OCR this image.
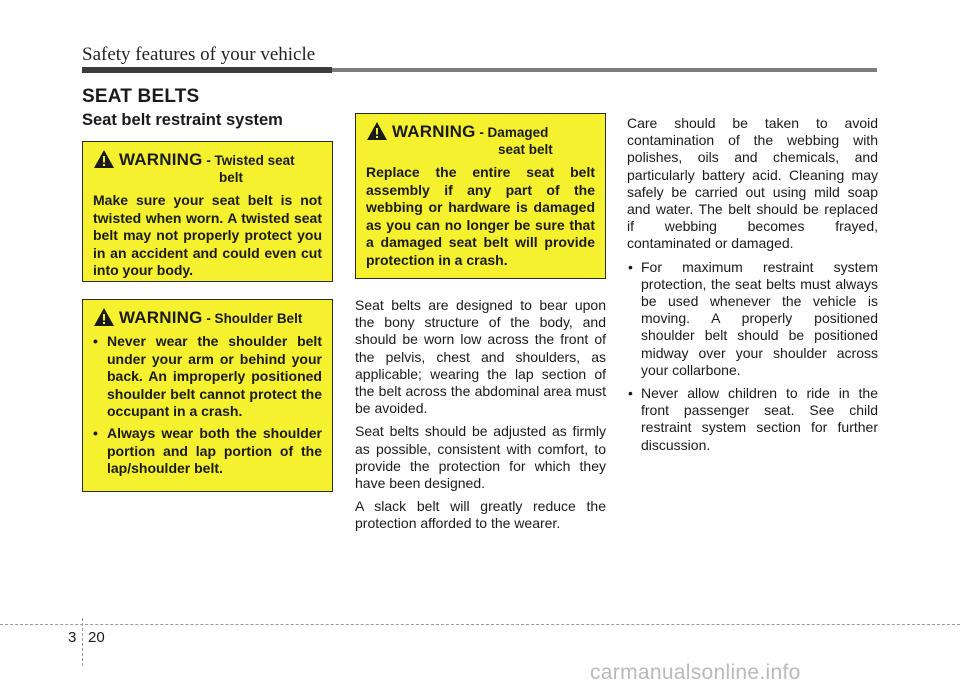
Safety features of your vehicle
SEAT BELTS
Seat belt restraint system
WARNING - Twisted seat
belt
Make sure your seat belt is not twisted when worn. A twisted seat belt may not properly protect you in an accident and could even cut into your body.
WARNING - Shoulder Belt
• Never wear the shoulder belt under your arm or behind your back. An improperly positioned shoulder belt cannot protect the occupant in a crash.
• Always wear both the shoulder portion and lap portion of the lap/shoulder belt.
WARNING - Damaged
seat belt
Replace the entire seat belt assembly if any part of the webbing or hardware is damaged as you can no longer be sure that a damaged seat belt will provide protection in a crash.

Seat belts are designed to bear upon the bony structure of the body, and should be worn low across the front of the pelvis, chest and shoulders, as applicable; wearing the lap section of the belt across the abdominal area must be avoided.

Seat belts should be adjusted as firmly as possible, consistent with comfort, to provide the protection for which they have been designed.

A slack belt will greatly reduce the protection afforded to the wearer.

Care should be taken to avoid contamination of the webbing with polishes, oils and chemicals, and particularly battery acid. Cleaning may safely be carried out using mild soap and water. The belt should be replaced if webbing becomes frayed, contaminated or damaged.

• For maximum restraint system protection, the seat belts must always be used whenever the vehicle is moving. A properly positioned shoulder belt should be positioned midway over your shoulder across your collarbone.
• Never allow children to ride in the front passenger seat. See child restraint system section for further discussion.
3 20
carmanualsonline.info
